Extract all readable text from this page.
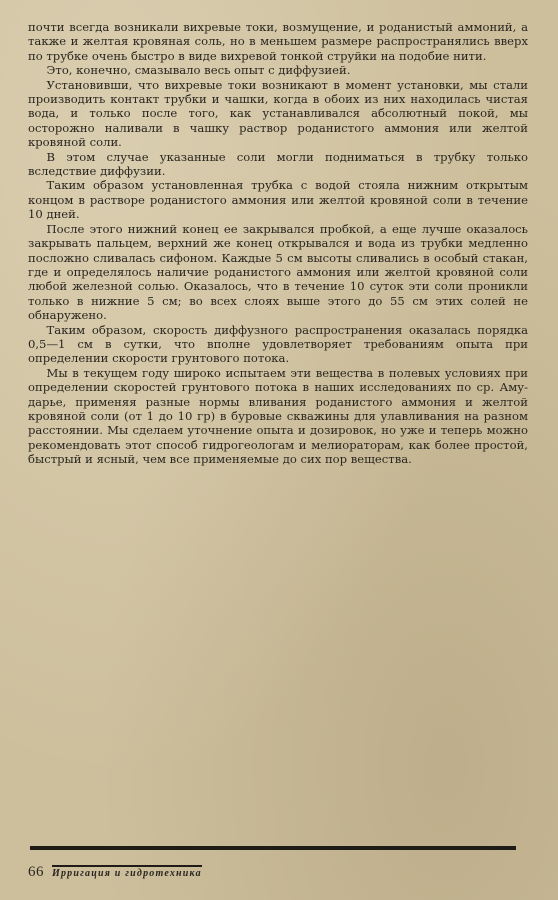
почти всегда возникали вихревые токи, возмущение, и роданистый аммоний, а также и желтая кровяная соль, но в меньшем размере распространялись вверх по трубке очень быстро в виде вихревой тонкой струйки на подобие нити.

Это, конечно, смазывало весь опыт с диффузией.

Установивши, что вихревые токи возникают в момент установки, мы стали производить контакт трубки и чашки, когда в обоих из них находилась чистая вода, и только после того, как устанавливался абсолютный покой, мы осторожно наливали в чашку раствор роданистого аммония или желтой кровяной соли.

В этом случае указанные соли могли подниматься в трубку только вследствие диффузии.

Таким образом установленная трубка с водой стояла нижним открытым концом в растворе роданистого аммония или желтой кровяной соли в течение 10 дней.

После этого нижний конец ее закрывался пробкой, а еще лучше оказалось закрывать пальцем, верхний же конец открывался и вода из трубки медленно посложно сливалась сифоном. Каждые 5 см высоты сливались в особый стакан, где и определялось наличие роданистого аммония или желтой кровяной соли любой железной солью. Оказалось, что в течение 10 суток эти соли проникли только в нижние 5 см; во всех слоях выше этого до 55 см этих солей не обнаружено.

Таким образом, скорость диффузного распространения оказалась порядка 0,5—1 см в сутки, что вполне удовлетворяет требованиям опыта при определении скорости грунтового потока.

Мы в текущем году широко испытаем эти вещества в полевых условиях при определении скоростей грунтового потока в наших исследованиях по ср. Аму-дарье, применяя разные нормы вливания роданистого аммония и желтой кровяной соли (от 1 до 10 гр) в буровые скважины для улавливания на разном расстоянии. Мы сделаем уточнение опыта и дозировок, но уже и теперь можно рекомендовать этот способ гидрогеологам и мелиораторам, как более простой, быстрый и ясный, чем все применяемые до сих пор вещества.

66 Ирригация и гидротехника
